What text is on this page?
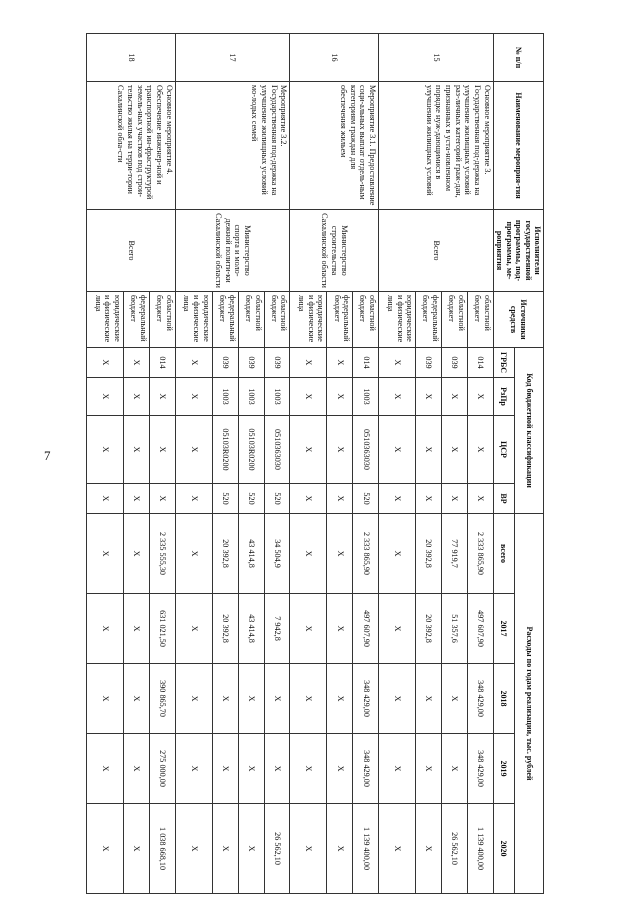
7
№ п/п	Наименование мероприя-тия	Исполнители государственной программы, под-программы, ме-роприятия	Источники средств	Код бюджетной классификации				Расходы по годам реализации, тыс. рублей				
				ГРБС	РзПр	ЦСР	ВР	всего	2017	2018	2019	2020
15	Основное мероприятие 3. Государственная под-держка на улучшение жилищных условий раз-личных категорий граж-дан, признанных в уста-новленном порядке нуж-дающимися в улучшении жилищных условий	Всего	областной бюджет	014	X	X	X	2 333 865,90	497 607,90	348 429,00	348 429,00	1 139 400,00
			областной бюджет	039	X	X	X	77 919,7	51 357,6	X	X	26 562,10
			федеральный бюджет	039	X	X	X	20 392,8	20 392,8	X	X	X
			юридические и физические лица	X	X	X	X	X	X	X	X	X
16	Мероприятие 3.1. Предоставление соци-альных выплат отдель-ным категориям граждан для обеспечения жильем	Министерство строительства Сахалинской области	областной бюджет	014	1003	0510363030	520	2 333 865,90	497 607,90	348 429,00	348 429,00	1 139 400,00
			федеральный бюджет	X	X	X	X	X	X	X	X	X
			юридические и физические лица	X	X	X	X	X	X	X	X	X
17	Мероприятие 3.2. Государственная под-держка на улучшение жилищных условий мо-лодых семей	Министерство спорта и моло-дежной полити-ки Сахалинской области	областной бюджет	039	1003	0510363030	520	34 504,9	7 942,8	X	X	26 562,10
			областной бюджет	039	1003	05103R0200	520	43 414,8	43 414,8	X	X	X
			федеральный бюджет	039	1003	05103R0200	520	20 392,8	20 392,8	X	X	X
			юридические и физические лица	X	X	X	X	X	X	X	X	X
18	Основное мероприятие 4. Обеспечение инженер-ной и транспортной ин-фраструктурой земель-ных участков под строи-тельство жилья на терри-тории Сахалинской обла-сти	Всего	областной бюджет	014	X	X	X	2 335 555,30	631 021,50	390 865,70	275 000,00	1 038 668,10
			федеральный бюджет	X	X	X	X	X	X	X	X	X
			юридические и физические лица	X	X	X	X	X	X	X	X	X
